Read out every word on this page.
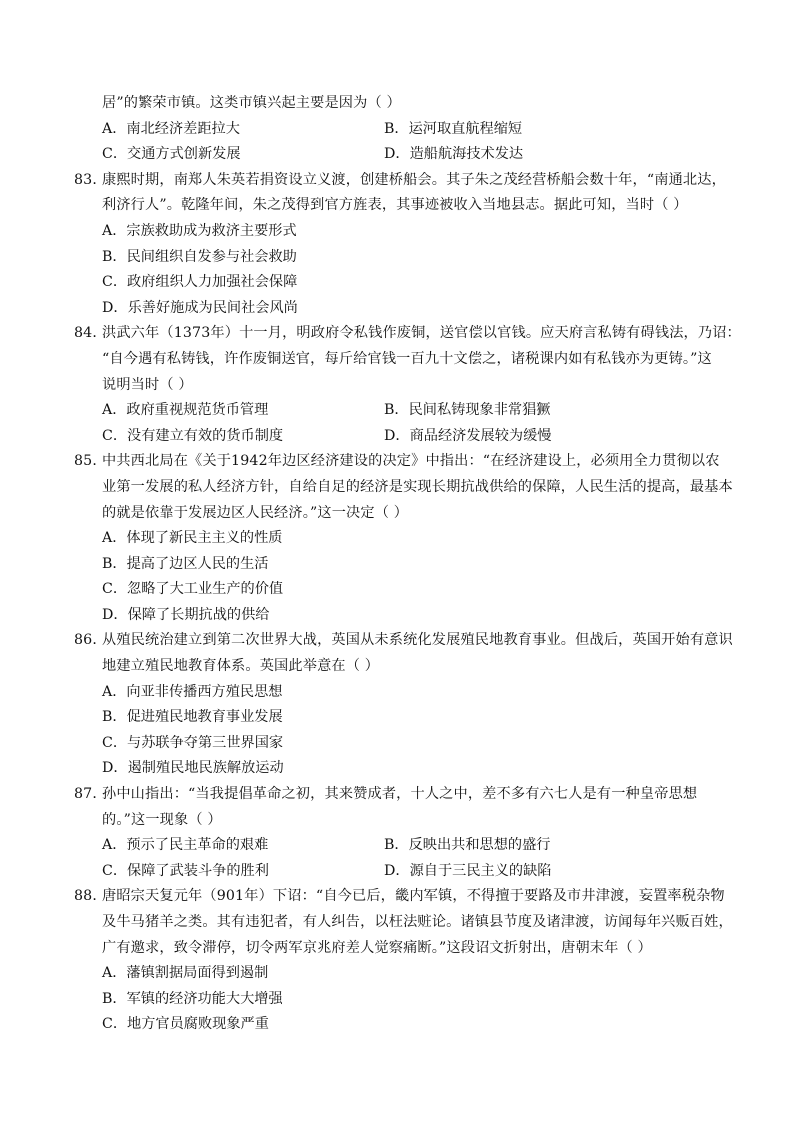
居”的繁荣市镇。这类市镇兴起主要是因为（ ）
A．南北经济差距拉大	B．运河取直航程缩短
C．交通方式创新发展	D．造船航海技术发达
83．康熙时期，南郑人朱英若捐资设立义渡，创建桥船会。其子朱之茂经营桥船会数十年，“南通北达，
利济行人”。乾隆年间，朱之茂得到官方旌表，其事迹被收入当地县志。据此可知，当时（ ）
A．宗族救助成为救济主要形式
B．民间组织自发参与社会救助
C．政府组织人力加强社会保障
D．乐善好施成为民间社会风尚
84．洪武六年（1373年）十一月，明政府令私钱作废铜，送官偿以官钱。应天府言私铸有碍钱法，乃诏：
“自今遇有私铸钱，许作废铜送官，每斤给官钱一百九十文偿之，诸税课内如有私钱亦为更铸。”这
说明当时（ ）
A．政府重视规范货币管理	B．民间私铸现象非常猖獗
C．没有建立有效的货币制度	D．商品经济发展较为缓慢
85．中共西北局在《关于1942年边区经济建设的决定》中指出：“在经济建设上，必须用全力贯彻以农
业第一发展的私人经济方针，自给自足的经济是实现长期抗战供给的保障，人民生活的提高，最基本
的就是依靠于发展边区人民经济。”这一决定（ ）
A．体现了新民主主义的性质
B．提高了边区人民的生活
C．忽略了大工业生产的价值
D．保障了长期抗战的供给
86．从殖民统治建立到第二次世界大战，英国从未系统化发展殖民地教育事业。但战后，英国开始有意识
地建立殖民地教育体系。英国此举意在（ ）
A．向亚非传播西方殖民思想
B．促进殖民地教育事业发展
C．与苏联争夺第三世界国家
D．遏制殖民地民族解放运动
87．孙中山指出：“当我提倡革命之初，其来赞成者，十人之中，差不多有六七人是有一种皇帝思想
的。”这一现象（ ）
A．预示了民主革命的艰难	B．反映出共和思想的盛行
C．保障了武装斗争的胜利	D．源自于三民主义的缺陷
88．唐昭宗天复元年（901年）下诏：“自今已后，畿内军镇，不得擅于要路及市井津渡，妄置率税杂物
及牛马猪羊之类。其有违犯者，有人纠告，以枉法赃论。诸镇县节度及诸津渡，访闻每年兴贩百姓，
广有邀求，致令滞停，切令两军京兆府差人觉察痛断。”这段诏文折射出，唐朝末年（ ）
A．藩镇割据局面得到遏制
B．军镇的经济功能大大增强
C．地方官员腐败现象严重
